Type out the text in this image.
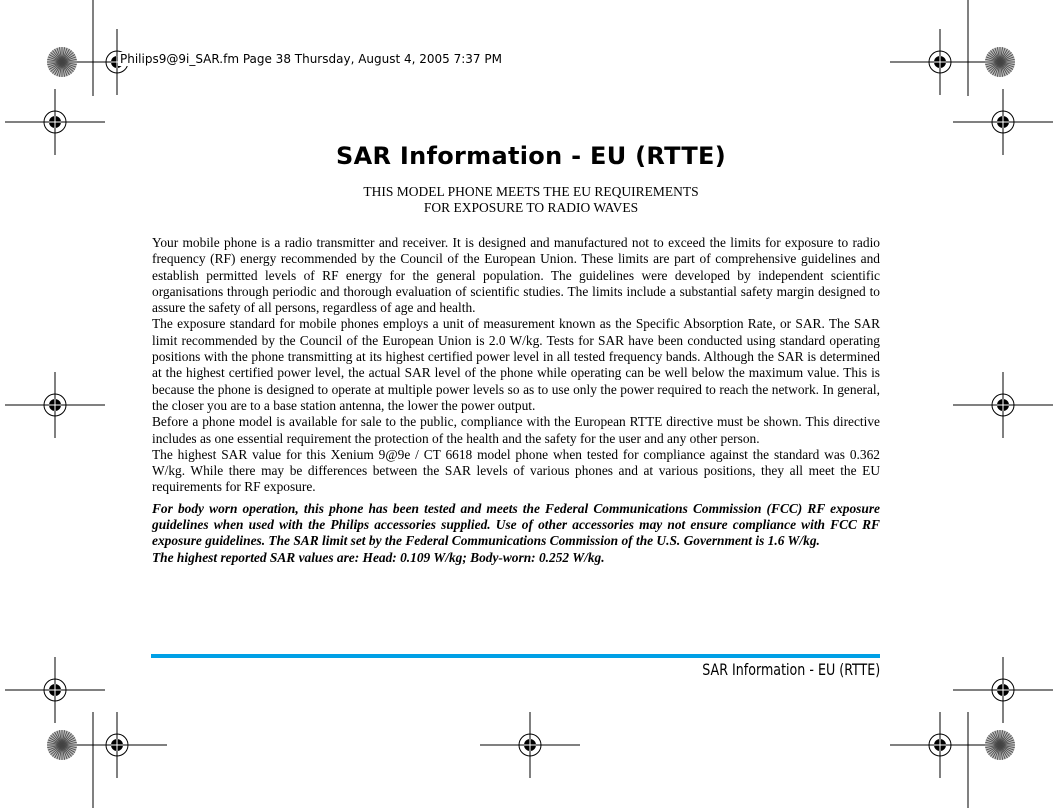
Philips9@9i_SAR.fm Page 38 Thursday, August 4, 2005 7:37 PM
SAR Information - EU (RTTE)
THIS MODEL PHONE MEETS THE EU REQUIREMENTS
FOR EXPOSURE TO RADIO WAVES

Your mobile phone is a radio transmitter and receiver. It is designed and manufactured not to exceed the limits for exposure to radio frequency (RF) energy recommended by the Council of the European Union. These limits are part of comprehensive guidelines and establish permitted levels of RF energy for the general population. The guidelines were developed by independent scientific organisations through periodic and thorough evaluation of scientific studies. The limits include a substantial safety margin designed to assure the safety of all persons, regardless of age and health.

The exposure standard for mobile phones employs a unit of measurement known as the Specific Absorption Rate, or SAR. The SAR limit recommended by the Council of the European Union is 2.0 W/kg. Tests for SAR have been conducted using standard operating positions with the phone transmitting at its highest certified power level in all tested frequency bands. Although the SAR is determined at the highest certified power level, the actual SAR level of the phone while operating can be well below the maximum value. This is because the phone is designed to operate at multiple power levels so as to use only the power required to reach the network. In general, the closer you are to a base station antenna, the lower the power output.

Before a phone model is available for sale to the public, compliance with the European RTTE directive must be shown. This directive includes as one essential requirement the protection of the health and the safety for the user and any other person.

The highest SAR value for this Xenium 9@9e / CT 6618 model phone when tested for compliance against the standard was 0.362 W/kg. While there may be differences between the SAR levels of various phones and at various positions, they all meet the EU requirements for RF exposure.

For body worn operation, this phone has been tested and meets the Federal Communications Commission (FCC) RF exposure guidelines when used with the Philips accessories supplied. Use of other accessories may not ensure compliance with FCC RF exposure guidelines. The SAR limit set by the Federal Communications Commission of the U.S. Government is 1.6 W/kg.

The highest reported SAR values are: Head: 0.109 W/kg; Body-worn: 0.252 W/kg.

SAR Information - EU (RTTE)
